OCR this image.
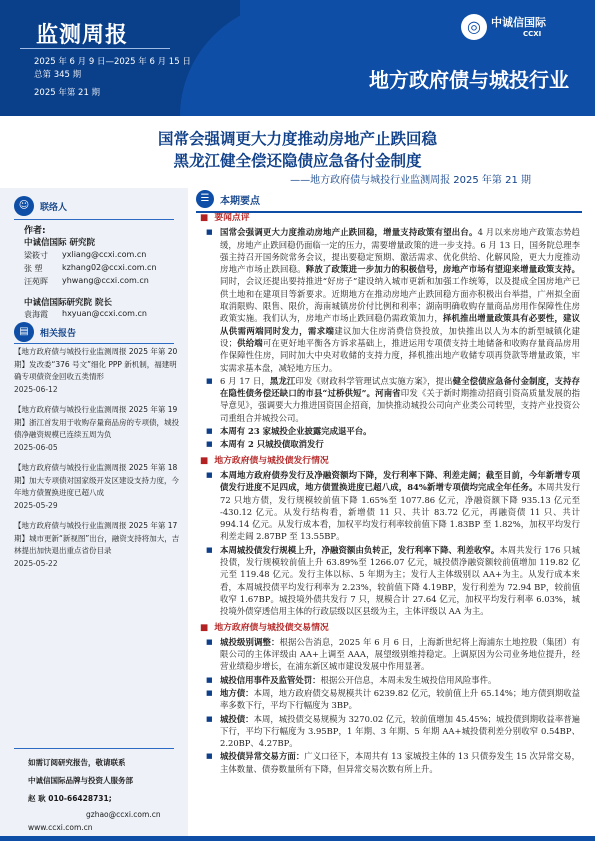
监测周报
2025 年 6 月 9 日—2025 年 6 月 15 日
总第 345 期
2025 年第 21 期
◎ 中诚信国际
CCXI
地方政府债与城投行业
国常会强调更大力度推动房地产止跌回稳
黑龙江健全偿还隐债应急备付金制度
——地方政府债与城投行业监测周报 2025 年第 21 期
☺	联络人
作者:
中诚信国际 研究院
梁筱寸	yxliang@ccxi.com.cn
张 塑	kzhang02@ccxi.com.cn
汪苑晖	yhwang@ccxi.com.cn
中诚信国际研究院 院长
袁海霞	hxyuan@ccxi.com.cn
▤	相关报告
【地方政府债与城投行业监测周报 2025 年第 20 期】发改委“376 号文”细化 PPP 新机制，福建明确专项债资金回收五类情形
2025-06-12
【地方政府债与城投行业监测周报 2025 年第 19 期】浙江首发用于收购存量商品房的专项债，城投债净融资规模已连续五周为负
2025-06-05
【地方政府债与城投行业监测周报 2025 年第 18 期】加大专项债对国家级开发区建设支持力度，今年地方债置换进度已超八成
2025-05-29
【地方政府债与城投行业监测周报 2025 年第 17 期】城市更新“新视图”出台，融资支持将加大，吉林提出加快退出重点省份目录
2025-05-22
如需订阅研究报告，敬请联系
中诚信国际品牌与投资人服务部
赵 耿 010-66428731;
gzhao@ccxi.com.cn
www.ccxi.com.cn
☰	本期要点
■ 要闻点评
■ 国常会强调更大力度推动房地产止跌回稳，增量支持政策有望出台。4 月以来房地产政策态势趋缓，房地产止跌回稳仍面临一定的压力，需要增量政策的进一步支持。6 月 13 日，国务院总理李强主持召开国务院常务会议，提出要稳定预期、激活需求、优化供给、化解风险，更大力度推动房地产市场止跌回稳。释放了政策进一步加力的积极信号，房地产市场有望迎来增量政策支持。同时，会议还提出要持推进“好房子”建设纳入城市更新和加强工作统筹，以及提成全国房地产已供土地和在建项目等新要求。近期地方在推动房地产止跌回稳方面亦积极出台举措，广州拟全面取消限购、限售、限价，海南城镇房价付比例和利率；湖南明确收购存量商品房用作保障性住房政策实施。我们认为，房地产市场止跌回稳仍需政策加力，择机推出增量政策具有必要性，建议从供需两端同时发力，需求端建议加大住房消费信贷投放，加快推出以人为本的新型城镇化建设；供给端可在更好地平衡各方诉求基础上，推进运用专项债支持土地储备和收购存量商品房用作保障性住房，同时加大中央对收储的支持力度，择机推出地产收储专项再贷款等增量政策，牢实需求基本盘，减轻地方压力。
■ 6 月 17 日，黑龙江印发《财政科学管理试点实施方案》，提出健全偿债应急备付金制度，支持存在隐性债务偿还缺口的市县“过桥供短”。河南省印发《关于新时期推动招商引资高质量发展的指导意见》，强调要大力推进国资国企招商，加快推动城投公司向产业类公司转型，支持产业投资公司重组合并城投公司。
■ 本周有 23 家城投企业披露完成退平台。
■ 本周有 2 只城投债取消发行
■ 地方政府债与城投债发行情况
■ 本周地方政府债券发行及净融资额均下降，发行利率下降、利差走阔；截至目前，今年新增专项债发行进度不足四成，地方债置换进度已超八成，84%新增专项债均完成全年任务。本周共发行 72 只地方债，发行规模较前值下降 1.65%至 1077.86 亿元，净融资额下降 935.13 亿元至 -430.12 亿元。从发行结构看，新增债 11 只、共计 83.72 亿元，再融资债 11 只、共计 994.14 亿元。从发行成本看，加权平均发行利率较前值下降 1.83BP 至 1.82%，加权平均发行利差走阔 2.87BP 至 13.55BP。
■ 本周城投债发行规模上升，净融资额由负转正，发行利率下降、利差收窄。本周共发行 176 只城投债，发行规模较前值上升 63.89%至 1266.07 亿元，城投债净融资额较前值增加 119.82 亿元至 119.48 亿元。发行主体以标、5 年期为主；发行人主体级别以 AA+为主。从发行成本来看，本周城投债平均发行利率为 2.23%，较前值下降 4.19BP，发行利差为 72.94 BP，较前值收窄 1.67BP。城投境外债共发行 7 只，规模合计 27.64 亿元，加权平均发行利率 6.03%，城投境外债穿透信用主体的行政层级以区县级为主，主体评级以 AA 为主。
■ 地方政府债与城投债交易情况
■ 城投级别调整：根据公告消息，2025 年 6 月 6 日，上海新世纪将上海浦东土地控股（集团）有限公司的主体评级由 AA+上调至 AAA，展望级别维持稳定。上调原因为公司业务地位提升，经营业绩稳步增长，在浦东新区城市建设发展中作用显著。
■ 城投信用事件及监管处罚：根据公开信息，本周未发生城投信用风险事件。
■ 地方债：本周，地方政府债交易规模共计 6239.82 亿元，较前值上升 65.14%；地方债到期收益率多数下行，平均下行幅度为 3BP。
■ 城投债：本周，城投债交易规模为 3270.02 亿元，较前值增加 45.45%；城投债到期收益率普遍下行，平均下行幅度为 3.95BP，1 年期、3 年期、5 年期 AA+城投债利差分别收窄 0.54BP、2.20BP、4.27BP。
■ 城投债异常交易方面：广义口径下，本周共有 13 家城投主体的 13 只债券发生 15 次异常交易，主体数量、债券数量所有下降，但异常交易次数有所上升。
